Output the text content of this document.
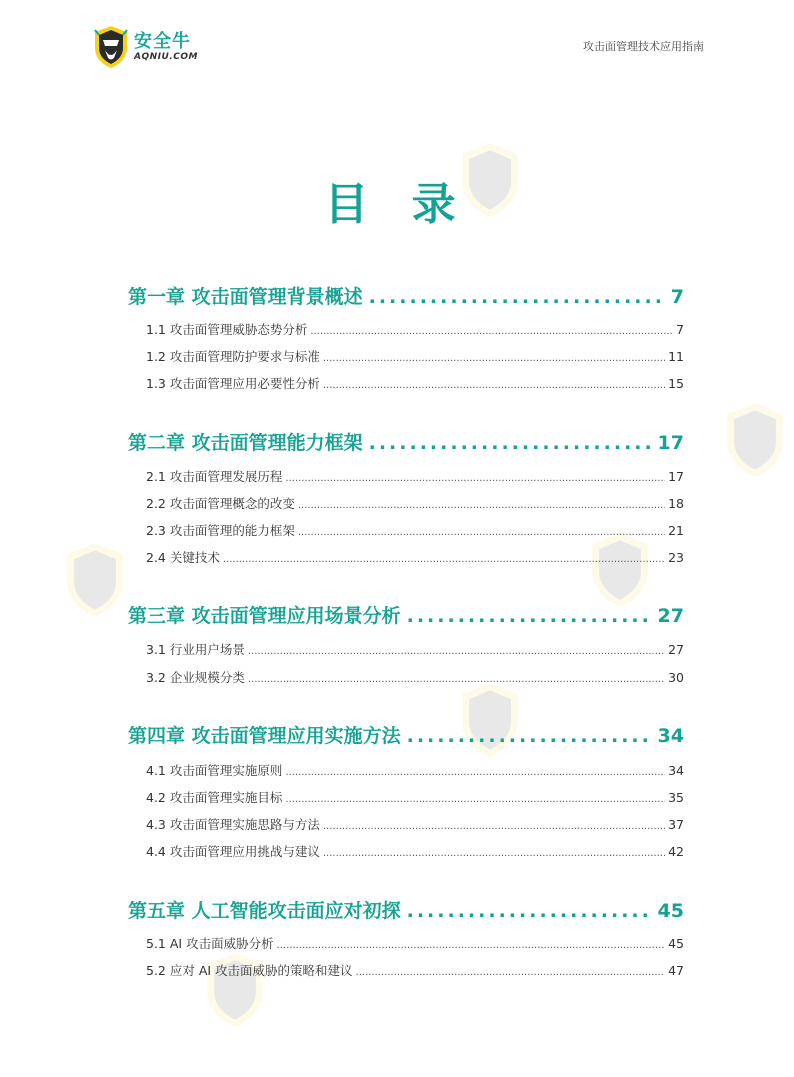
安全牛
AQNIU.COM
攻击面管理技术应用指南
目 录
第一章 攻击面管理背景概述 .....	7
1.1 攻击面管理威胁态势分析 .....	7
1.2 攻击面管理防护要求与标准 .....	11
1.3 攻击面管理应用必要性分析 .....	15
第二章 攻击面管理能力框架 .....	17
2.1 攻击面管理发展历程 .....	17
2.2 攻击面管理概念的改变 .....	18
2.3 攻击面管理的能力框架 .....	21
2.4 关键技术 .....	23
第三章 攻击面管理应用场景分析 .....	27
3.1 行业用户场景 .....	27
3.2 企业规模分类 .....	30
第四章 攻击面管理应用实施方法 .....	34
4.1 攻击面管理实施原则 .....	34
4.2 攻击面管理实施目标 .....	35
4.3 攻击面管理实施思路与方法 .....	37
4.4 攻击面管理应用挑战与建议 .....	42
第五章 人工智能攻击面应对初探 .....	45
5.1 AI 攻击面威胁分析 .....	45
5.2 应对 AI 攻击面威胁的策略和建议 .....	47
